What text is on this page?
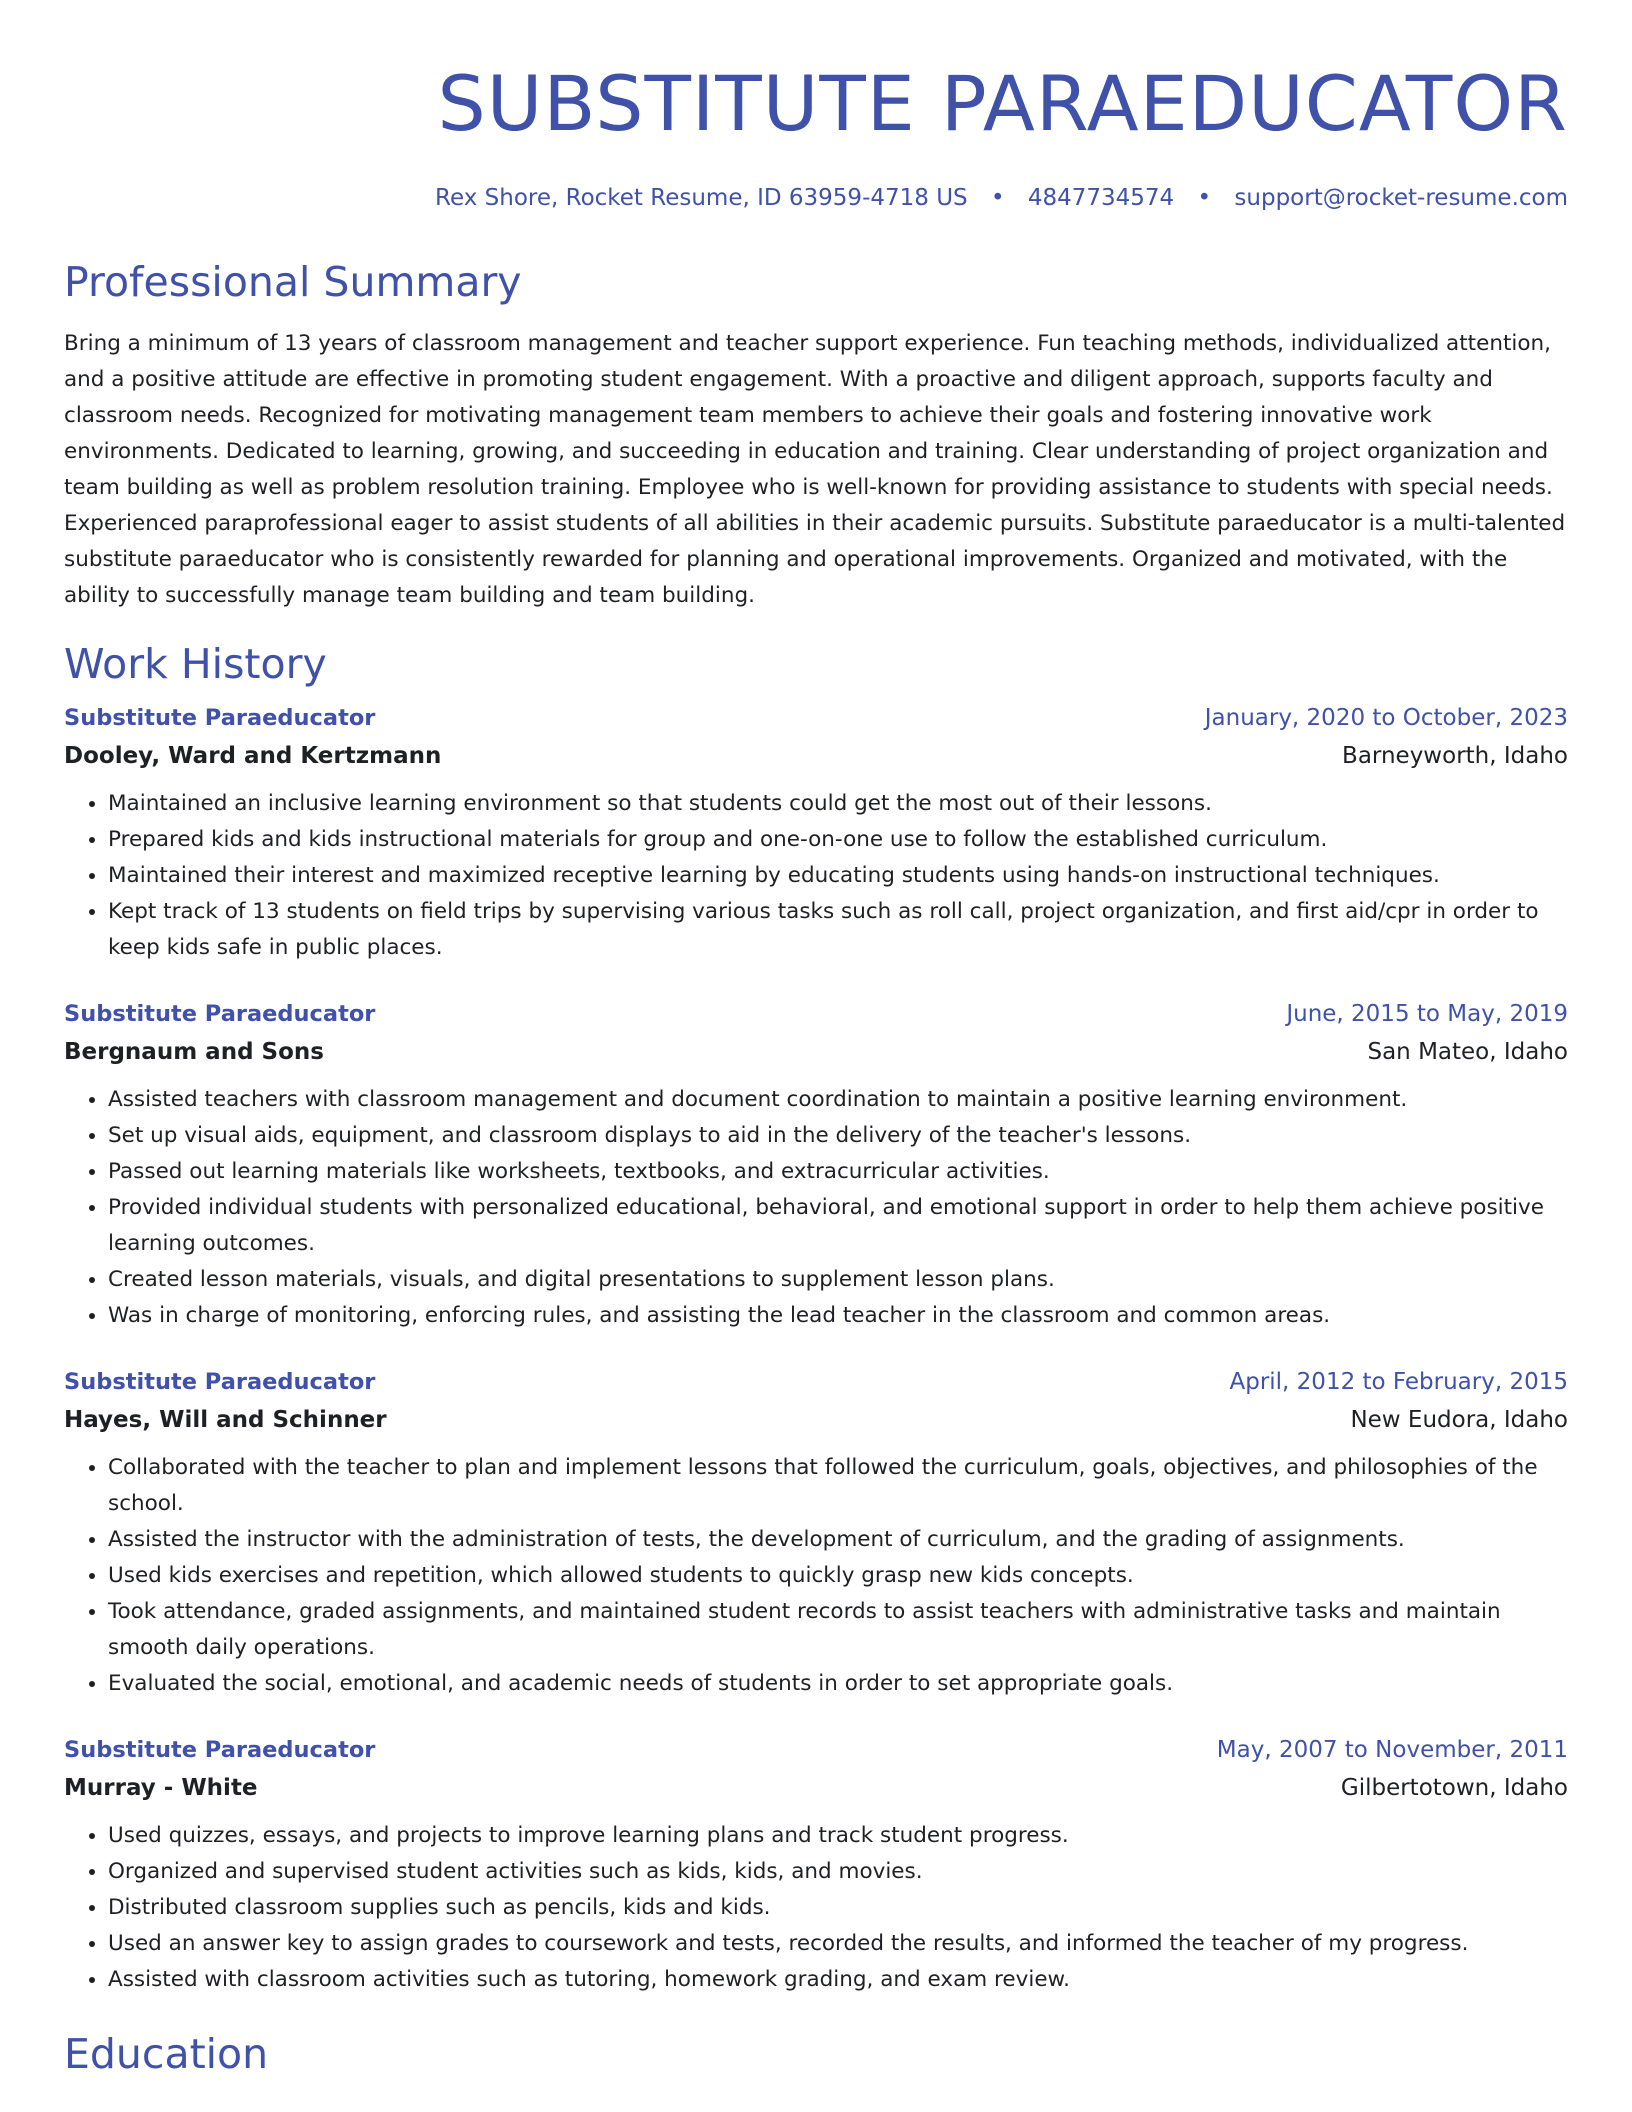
SUBSTITUTE PARAEDUCATOR
Rex Shore, Rocket Resume, ID 63959-4718 US • 4847734574 • support@rocket-resume.com
Professional Summary

Bring a minimum of 13 years of classroom management and teacher support experience. Fun teaching methods, individualized attention, and a positive attitude are effective in promoting student engagement. With a proactive and diligent approach, supports faculty and classroom needs. Recognized for motivating management team members to achieve their goals and fostering innovative work environments. Dedicated to learning, growing, and succeeding in education and training. Clear understanding of project organization and team building as well as problem resolution training. Employee who is well-known for providing assistance to students with special needs. Experienced paraprofessional eager to assist students of all abilities in their academic pursuits. Substitute paraeducator is a multi-talented substitute paraeducator who is consistently rewarded for planning and operational improvements. Organized and motivated, with the ability to successfully manage team building and team building.

Work History
Substitute Paraeducator	January, 2020 to October, 2023
Dooley, Ward and Kertzmann	Barneyworth, Idaho
• Maintained an inclusive learning environment so that students could get the most out of their lessons.
• Prepared kids and kids instructional materials for group and one-on-one use to follow the established curriculum.
• Maintained their interest and maximized receptive learning by educating students using hands-on instructional techniques.
• Kept track of 13 students on field trips by supervising various tasks such as roll call, project organization, and first aid/cpr in order to keep kids safe in public places.
Substitute Paraeducator	June, 2015 to May, 2019
Bergnaum and Sons	San Mateo, Idaho
• Assisted teachers with classroom management and document coordination to maintain a positive learning environment.
• Set up visual aids, equipment, and classroom displays to aid in the delivery of the teacher's lessons.
• Passed out learning materials like worksheets, textbooks, and extracurricular activities.
• Provided individual students with personalized educational, behavioral, and emotional support in order to help them achieve positive learning outcomes.
• Created lesson materials, visuals, and digital presentations to supplement lesson plans.
• Was in charge of monitoring, enforcing rules, and assisting the lead teacher in the classroom and common areas.
Substitute Paraeducator	April, 2012 to February, 2015
Hayes, Will and Schinner	New Eudora, Idaho
• Collaborated with the teacher to plan and implement lessons that followed the curriculum, goals, objectives, and philosophies of the school.
• Assisted the instructor with the administration of tests, the development of curriculum, and the grading of assignments.
• Used kids exercises and repetition, which allowed students to quickly grasp new kids concepts.
• Took attendance, graded assignments, and maintained student records to assist teachers with administrative tasks and maintain smooth daily operations.
• Evaluated the social, emotional, and academic needs of students in order to set appropriate goals.
Substitute Paraeducator	May, 2007 to November, 2011
Murray - White	Gilbertotown, Idaho
• Used quizzes, essays, and projects to improve learning plans and track student progress.
• Organized and supervised student activities such as kids, kids, and movies.
• Distributed classroom supplies such as pencils, kids and kids.
• Used an answer key to assign grades to coursework and tests, recorded the results, and informed the teacher of my progress.
• Assisted with classroom activities such as tutoring, homework grading, and exam review.
Education
